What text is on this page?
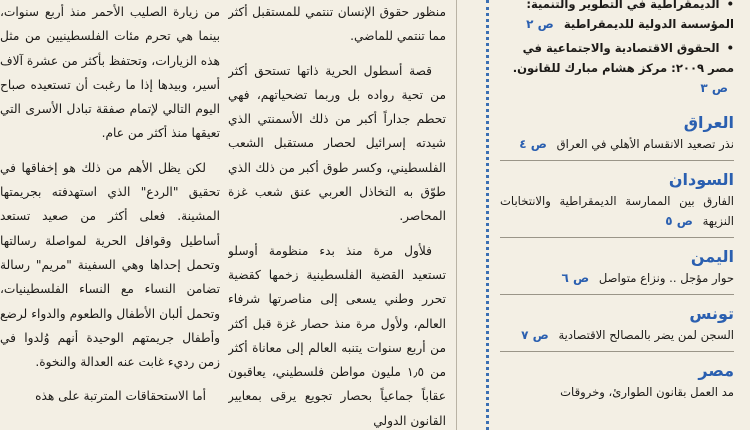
من زيارة الصليب الأحمر منذ أربع سنوات، بينما هي تحرم مئات الفلسطينيين من مثل هذه الزيارات، وتحتفظ بأكثر من عشرة آلاف أسير، وبيدها إذا ما رغبت أن تستعيده صباح اليوم التالي لإتمام صفقة تبادل الأسرى التي تعيقها منذ أكثر من عام.

لكن يظل الأهم من ذلك هو إخفاقها في تحقيق "الردع" الذي استهدفته بجريمتها المشينة. فعلى أكثر من صعيد تستعد أساطيل وقوافل الحرية لمواصلة رسالتها وتحمل إحداها وهي السفينة "مريم" رسالة تضامن النساء مع النساء الفلسطينيات، وتحمل ألبان الأطفال والطعوم والدواء لرضع وأطفال جريمتهم الوحيدة أنهم وُلدوا في زمن رديء غابت عنه العدالة والنخوة.

أما الاستحقاقات المترتبة على هذه

منظور حقوق الإنسان تنتمي للمستقبل أكثر مما تنتمي للماضي.

قصة أسطول الحرية ذاتها تستحق أكثر من تحية رواده بل وربما تضحياتهم، فهي تحطم جداراً أكبر من ذلك الأسمنتي الذي شيدته إسرائيل لحصار مستقبل الشعب الفلسطيني، وكسر طوق أكبر من ذلك الذي طوّق به التخاذل العربي عنق شعب غزة المحاصر.

فلأول مرة منذ بدء منظومة أوسلو تستعيد القضية الفلسطينية زخمها كقضية تحرر وطني يسعى إلى مناصرتها شرفاء العالم، ولأول مرة منذ حصار غزة قبل أكثر من أربع سنوات يتنبه العالم إلى معاناة أكثر من ١٫٥ مليون مواطن فلسطيني، يعاقبون عقاباً جماعياً بحصار تجويع يرقى بمعايير القانون الدولي

• الديمقراطية في التطوير والتنمية: المؤسسة الدولية للديمقراطية ص ٢
• الحقوق الاقتصادية والاجتماعية في مصر ٢٠٠٩: مركز هشام مبارك للقانون. ص ٣
العراق
نذر تصعيد الانقسام الأهلي في العراق ص ٤
السودان
الفارق بين الممارسة الديمقراطية والانتخابات النزيهة ص ٥
اليمن
حوار مؤجل .. ونزاع متواصل ص ٦
تونس
السجن لمن يضر بالمصالح الاقتصادية ص ٧
مصر
مد العمل بقانون الطوارئ، وخروقات
